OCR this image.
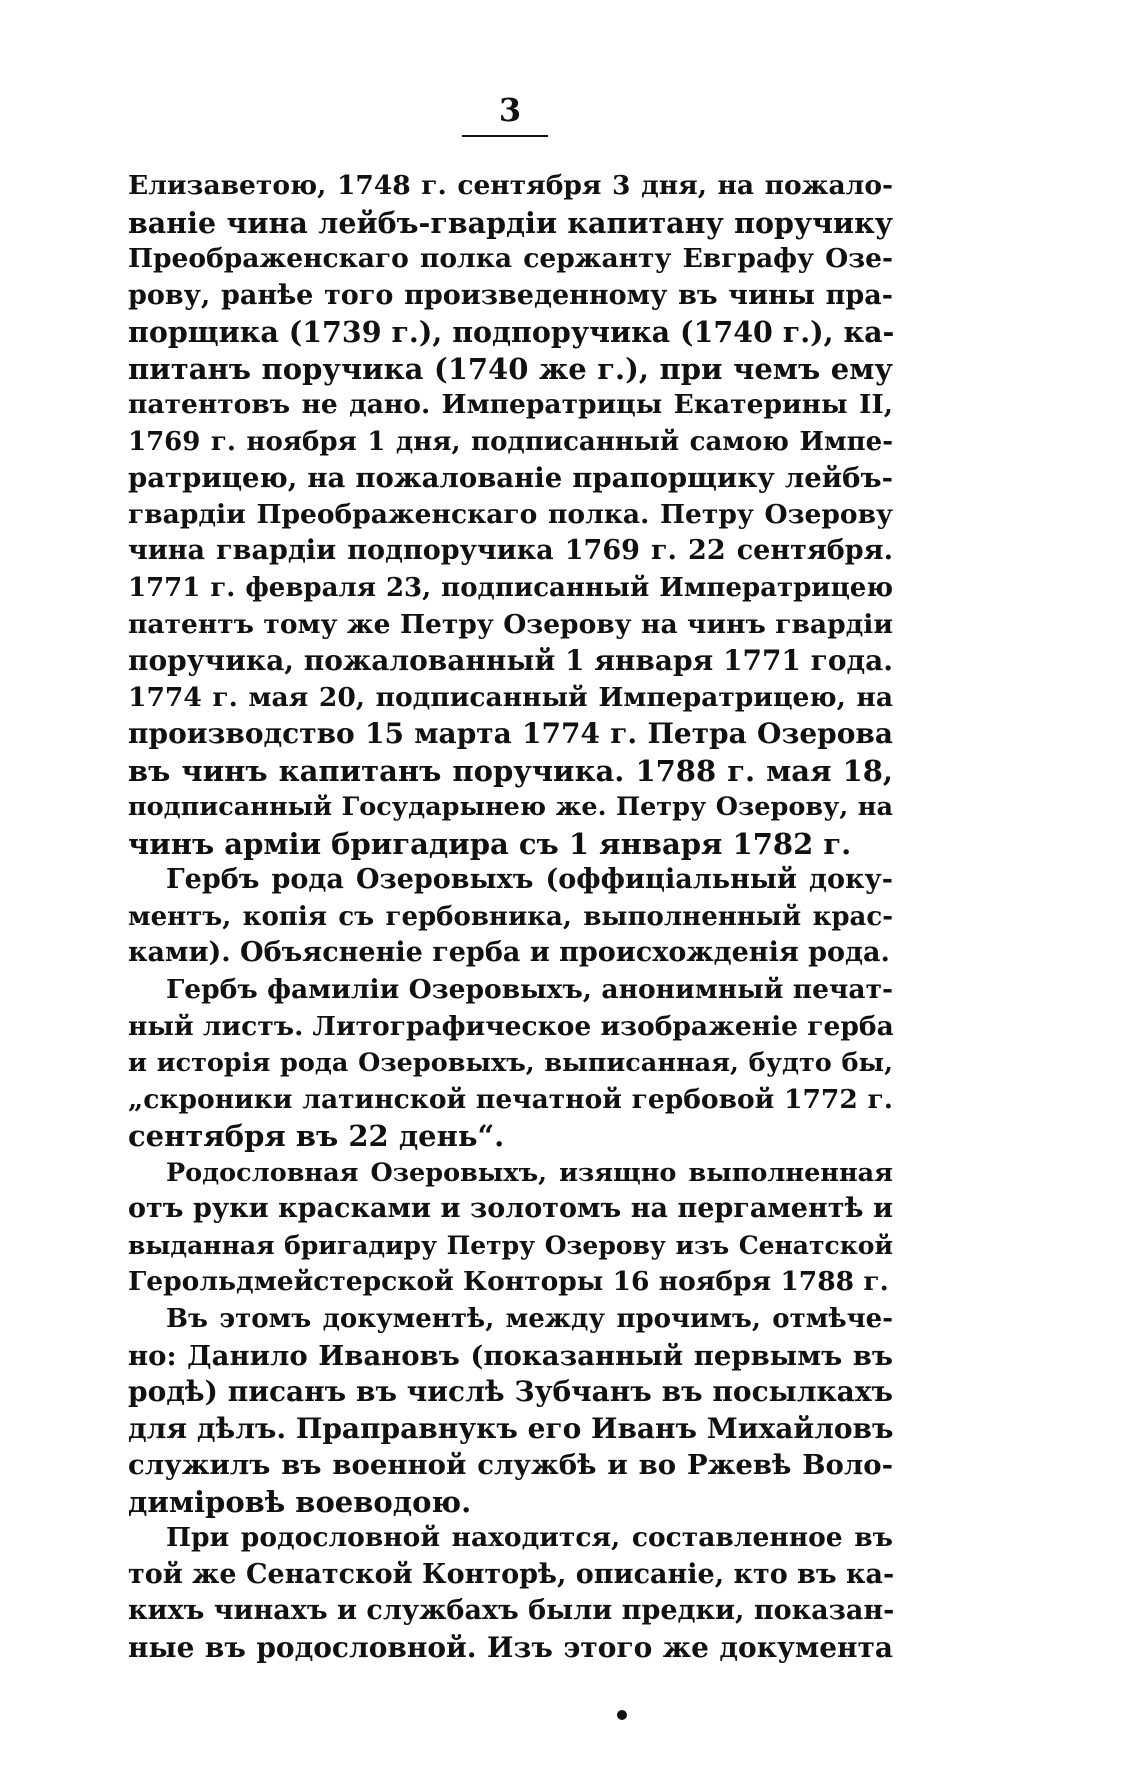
3
Елизаветою, 1748 г. сентября 3 дня, на пожало-
ваніе чина лейбъ-гвардіи капитану поручику
Преображенскаго полка сержанту Евграфу Озе-
рову, ранѣе того произведенному въ чины пра-
порщика (1739 г.), подпоручика (1740 г.), ка-
питанъ поручика (1740 же г.), при чемъ ему
патентовъ не дано. Императрицы Екатерины II,
1769 г. ноября 1 дня, подписанный самою Импе-
ратрицею, на пожалованіе прапорщику лейбъ-
гвардіи Преображенскаго полка. Петру Озерову
чина гвардіи подпоручика 1769 г. 22 сентября.
1771 г. февраля 23, подписанный Императрицею
патентъ тому же Петру Озерову на чинъ гвардіи
поручика, пожалованный 1 января 1771 года.
1774 г. мая 20, подписанный Императрицею, на
производство 15 марта 1774 г. Петра Озерова
въ чинъ капитанъ поручика. 1788 г. мая 18,
подписанный Государынею же. Петру Озерову, на
чинъ арміи бригадира съ 1 января 1782 г.
Гербъ рода Озеровыхъ (оффиціальный доку-
ментъ, копія съ гербовника, выполненный крас-
ками). Объясненіе герба и происхожденія рода.
Гербъ фамиліи Озеровыхъ, анонимный печат-
ный листъ. Литографическое изображеніе герба
и исторія рода Озеровыхъ, выписанная, будто бы,
„скроники латинской печатной гербовой 1772 г.
сентября въ 22 день“.
Родословная Озеровыхъ, изящно выполненная
отъ руки красками и золотомъ на пергаментѣ и
выданная бригадиру Петру Озерову изъ Сенатской
Герольдмейстерской Конторы 16 ноября 1788 г.
Въ этомъ документѣ, между прочимъ, отмѣче-
но: Данило Ивановъ (показанный первымъ въ
родѣ) писанъ въ числѣ Зубчанъ въ посылкахъ
для дѣлъ. Праправнукъ его Иванъ Михайловъ
служилъ въ военной службѣ и во Ржевѣ Воло-
диміровѣ воеводою.
При родословной находится, составленное въ
той же Сенатской Конторѣ, описаніе, кто въ ка-
кихъ чинахъ и службахъ были предки, показан-
ные въ родословной. Изъ этого же документа
